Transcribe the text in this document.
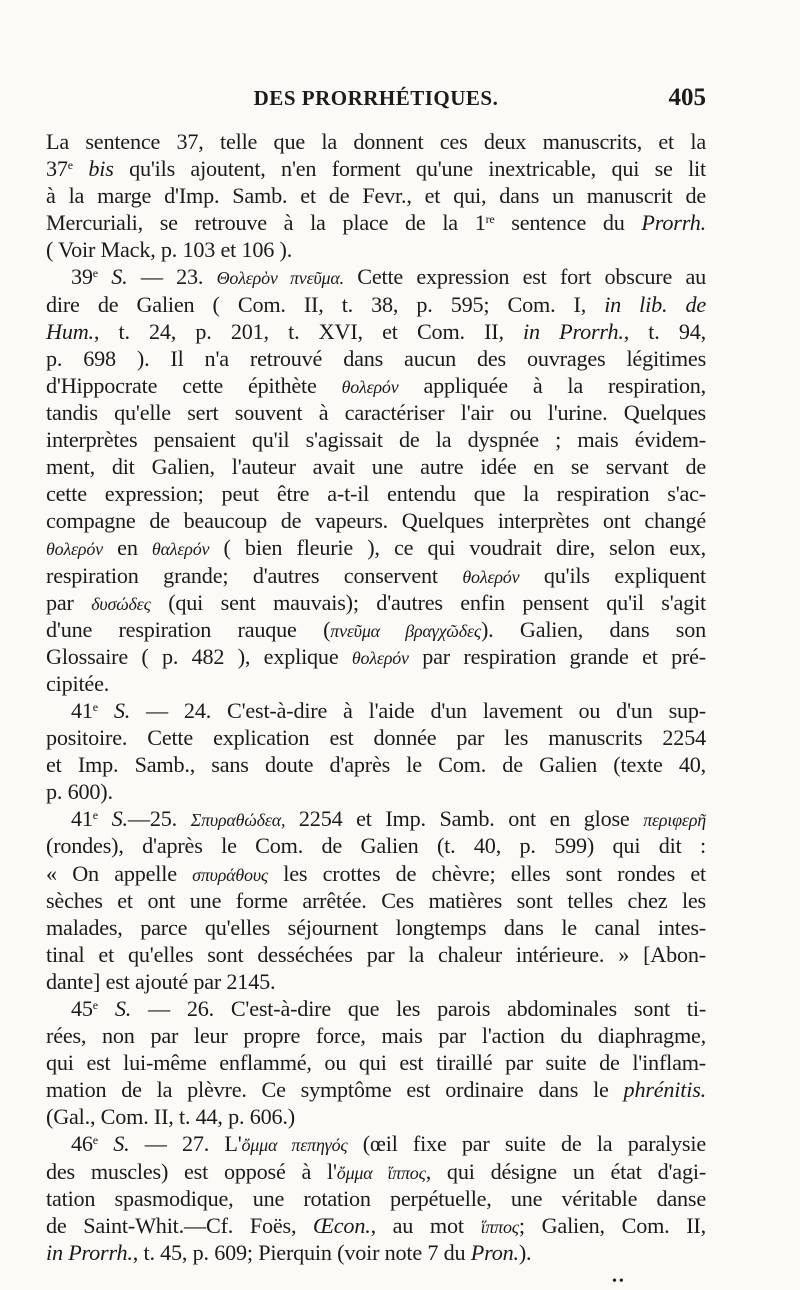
DES PRORRHÉTIQUES.	405
La sentence 37, telle que la donnent ces deux manuscrits, et la
37e bis qu'ils ajoutent, n'en forment qu'une inextricable, qui se lit
à la marge d'Imp. Samb. et de Fevr., et qui, dans un manuscrit de
Mercuriali, se retrouve à la place de la 1re sentence du Prorrh.
( Voir Mack, p. 103 et 106 ).
39e S. — 23. Θολερὸν πνεῦμα. Cette expression est fort obscure au
dire de Galien ( Com. II, t. 38, p. 595; Com. I, in lib. de
Hum., t. 24, p. 201, t. XVI, et Com. II, in Prorrh., t. 94,
p. 698 ). Il n'a retrouvé dans aucun des ouvrages légitimes
d'Hippocrate cette épithète θολερόν appliquée à la respiration,
tandis qu'elle sert souvent à caractériser l'air ou l'urine. Quelques
interprètes pensaient qu'il s'agissait de la dyspnée ; mais évidem-
ment, dit Galien, l'auteur avait une autre idée en se servant de
cette expression; peut être a-t-il entendu que la respiration s'ac-
compagne de beaucoup de vapeurs. Quelques interprètes ont changé
θολερόν en θαλερόν ( bien fleurie ), ce qui voudrait dire, selon eux,
respiration grande; d'autres conservent θολερόν qu'ils expliquent
par δυσώδες (qui sent mauvais); d'autres enfin pensent qu'il s'agit
d'une respiration rauque (πνεῦμα βραγχῶδες). Galien, dans son
Glossaire ( p. 482 ), explique θολερόν par respiration grande et pré-
cipitée.
41e S. — 24. C'est-à-dire à l'aide d'un lavement ou d'un sup-
positoire. Cette explication est donnée par les manuscrits 2254
et Imp. Samb., sans doute d'après le Com. de Galien (texte 40,
p. 600).
41e S.—25. Σπυραθώδεα, 2254 et Imp. Samb. ont en glose περιφερῆ
(rondes), d'après le Com. de Galien (t. 40, p. 599) qui dit :
« On appelle σπυράθους les crottes de chèvre; elles sont rondes et
sèches et ont une forme arrêtée. Ces matières sont telles chez les
malades, parce qu'elles séjournent longtemps dans le canal intes-
tinal et qu'elles sont desséchées par la chaleur intérieure. » [Abon-
dante] est ajouté par 2145.
45e S. — 26. C'est-à-dire que les parois abdominales sont ti-
rées, non par leur propre force, mais par l'action du diaphragme,
qui est lui-même enflammé, ou qui est tiraillé par suite de l'inflam-
mation de la plèvre. Ce symptôme est ordinaire dans le phrénitis.
(Gal., Com. II, t. 44, p. 606.)
46e S. — 27. L'ὄμμα πεπηγός (œil fixe par suite de la paralysie
des muscles) est opposé à l'ὄμμα ἵππος, qui désigne un état d'agi-
tation spasmodique, une rotation perpétuelle, une véritable danse
de Saint-Whit.—Cf. Foës, Œcon., au mot ἵππος; Galien, Com. II,
in Prorrh., t. 45, p. 609; Pierquin (voir note 7 du Pron.).
••
